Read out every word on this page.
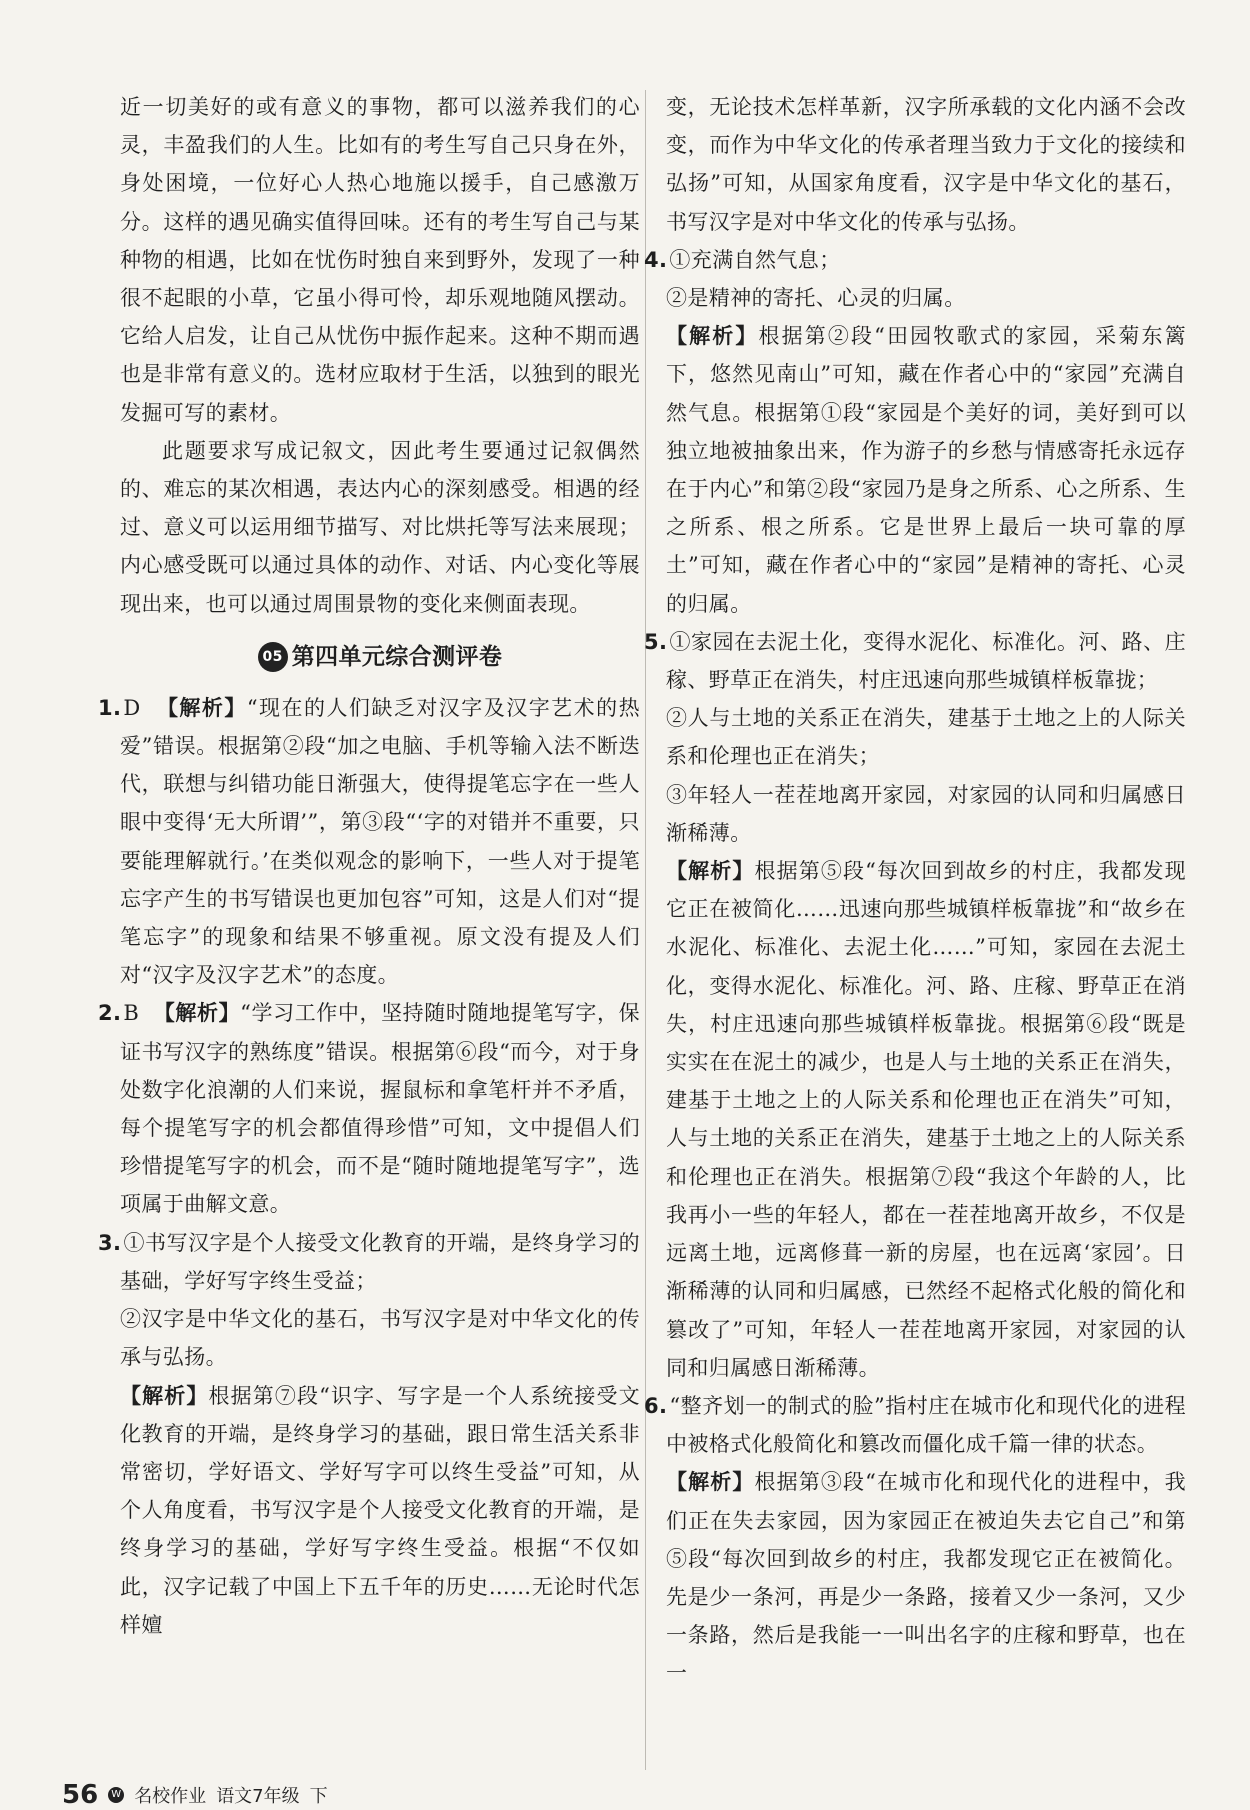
近一切美好的或有意义的事物，都可以滋养我们的心灵，丰盈我们的人生。比如有的考生写自己只身在外，身处困境，一位好心人热心地施以援手，自己感激万分。这样的遇见确实值得回味。还有的考生写自己与某种物的相遇，比如在忧伤时独自来到野外，发现了一种很不起眼的小草，它虽小得可怜，却乐观地随风摆动。它给人启发，让自己从忧伤中振作起来。这种不期而遇也是非常有意义的。选材应取材于生活，以独到的眼光发掘可写的素材。

此题要求写成记叙文，因此考生要通过记叙偶然的、难忘的某次相遇，表达内心的深刻感受。相遇的经过、意义可以运用细节描写、对比烘托等写法来展现；内心感受既可以通过具体的动作、对话、内心变化等展现出来，也可以通过周围景物的变化来侧面表现。

05 第四单元综合测评卷

1.D 【解析】“现在的人们缺乏对汉字及汉字艺术的热爱”错误。根据第②段“加之电脑、手机等输入法不断迭代，联想与纠错功能日渐强大，使得提笔忘字在一些人眼中变得‘无大所谓’”，第③段“‘字的对错并不重要，只要能理解就行。’在类似观念的影响下，一些人对于提笔忘字产生的书写错误也更加包容”可知，这是人们对“提笔忘字”的现象和结果不够重视。原文没有提及人们对“汉字及汉字艺术”的态度。

2.B 【解析】“学习工作中，坚持随时随地提笔写字，保证书写汉字的熟练度”错误。根据第⑥段“而今，对于身处数字化浪潮的人们来说，握鼠标和拿笔杆并不矛盾，每个提笔写字的机会都值得珍惜”可知，文中提倡人们珍惜提笔写字的机会，而不是“随时随地提笔写字”，选项属于曲解文意。

3.①书写汉字是个人接受文化教育的开端，是终身学习的基础，学好写字终生受益；

②汉字是中华文化的基石，书写汉字是对中华文化的传承与弘扬。

【解析】根据第⑦段“识字、写字是一个人系统接受文化教育的开端，是终身学习的基础，跟日常生活关系非常密切，学好语文、学好写字可以终生受益”可知，从个人角度看，书写汉字是个人接受文化教育的开端，是终身学习的基础，学好写字终生受益。根据“不仅如此，汉字记载了中国上下五千年的历史……无论时代怎样嬗

变，无论技术怎样革新，汉字所承载的文化内涵不会改变，而作为中华文化的传承者理当致力于文化的接续和弘扬”可知，从国家角度看，汉字是中华文化的基石，书写汉字是对中华文化的传承与弘扬。

4.①充满自然气息；

②是精神的寄托、心灵的归属。

【解析】根据第②段“田园牧歌式的家园，采菊东篱下，悠然见南山”可知，藏在作者心中的“家园”充满自然气息。根据第①段“家园是个美好的词，美好到可以独立地被抽象出来，作为游子的乡愁与情感寄托永远存在于内心”和第②段“家园乃是身之所系、心之所系、生之所系、根之所系。它是世界上最后一块可靠的厚土”可知，藏在作者心中的“家园”是精神的寄托、心灵的归属。

5.①家园在去泥土化，变得水泥化、标准化。河、路、庄稼、野草正在消失，村庄迅速向那些城镇样板靠拢；

②人与土地的关系正在消失，建基于土地之上的人际关系和伦理也正在消失；

③年轻人一茬茬地离开家园，对家园的认同和归属感日渐稀薄。

【解析】根据第⑤段“每次回到故乡的村庄，我都发现它正在被简化……迅速向那些城镇样板靠拢”和“故乡在水泥化、标准化、去泥土化……”可知，家园在去泥土化，变得水泥化、标准化。河、路、庄稼、野草正在消失，村庄迅速向那些城镇样板靠拢。根据第⑥段“既是实实在在泥土的减少，也是人与土地的关系正在消失，建基于土地之上的人际关系和伦理也正在消失”可知，人与土地的关系正在消失，建基于土地之上的人际关系和伦理也正在消失。根据第⑦段“我这个年龄的人，比我再小一些的年轻人，都在一茬茬地离开故乡，不仅是远离土地，远离修葺一新的房屋，也在远离‘家园’。日渐稀薄的认同和归属感，已然经不起格式化般的简化和篡改了”可知，年轻人一茬茬地离开家园，对家园的认同和归属感日渐稀薄。

6.“整齐划一的制式的脸”指村庄在城市化和现代化的进程中被格式化般简化和篡改而僵化成千篇一律的状态。

【解析】根据第③段“在城市化和现代化的进程中，我们正在失去家园，因为家园正在被迫失去它自己”和第⑤段“每次回到故乡的村庄，我都发现它正在被简化。先是少一条河，再是少一条路，接着又少一条河，又少一条路，然后是我能一一叫出名字的庄稼和野草，也在一

56	W 名校作业 语文7年级 下
